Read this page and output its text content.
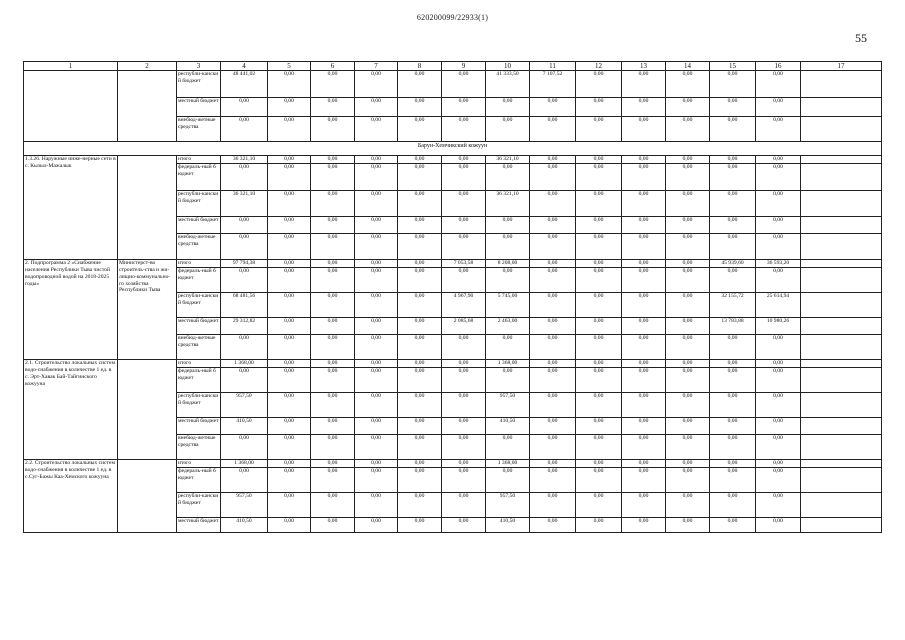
620200099/22933(1)
55
1	2	3	4	5	6	7	8	9	10	11	12	13	14	15	16	17
		республи-канский бюджет	48 441,02	0,00	0,00	0,00	0,00	0,00	41 333,50	7 107,52	0,00	0,00	0,00	0,00	0,00	
		местный бюджет	0,00	0,00	0,00	0,00	0,00	0,00	0,00	0,00	0,00	0,00	0,00	0,00	0,00	
		внебюд-жетные средства	0,00	0,00	0,00	0,00	0,00	0,00	0,00	0,00	0,00	0,00	0,00	0,00	0,00	
Барун-Хемчикский кожуун																
1.3.26. Наружные инже-нерные сети в с. Кызыл-Мажалык		итого	36 321,10	0,00	0,00	0,00	0,00	0,00	36 321,10	0,00	0,00	0,00	0,00	0,00	0,00	
		федераль-ный бюджет	0,00	0,00	0,00	0,00	0,00	0,00	0,00	0,00	0,00	0,00	0,00	0,00	0,00	
		республи-канский бюджет	36 321,10	0,00	0,00	0,00	0,00	0,00	36 321,10	0,00	0,00	0,00	0,00	0,00	0,00	
		местный бюджет	0,00	0,00	0,00	0,00	0,00	0,00	0,00	0,00	0,00	0,00	0,00	0,00	0,00	
		внебюд-жетные средства	0,00	0,00	0,00	0,00	0,00	0,00	0,00	0,00	0,00	0,00	0,00	0,00	0,00	
2. Подпрограмма 2 «Снабжение населения Республики Тыва чистой водопроводной водой на 2018-2025 годы»	Министерст-во строитель-ства и жи-лищно-коммунально-го хозяйства Республики Тыва	итого	97 794,38	0,00	0,00	0,00	0,00	7 053,58	8 208,00	0,00	0,00	0,00	0,00	45 939,60	36 593,20	
		федераль-ный бюджет	0,00	0,00	0,00	0,00	0,00	0,00	0,00	0,00	0,00	0,00	0,00	0,00	0,00	
		республи-канский бюджет	68 481,56	0,00	0,00	0,00	0,00	4 967,90	5 745,00	0,00	0,00	0,00	0,00	32 155,72	25 614,94	
		местный бюджет	29 312,82	0,00	0,00	0,00	0,00	2 085,68	2 463,00	0,00	0,00	0,00	0,00	13 783,88	10 980,26	
		внебюд-жетные средства	0,00	0,00	0,00	0,00	0,00	0,00	0,00	0,00	0,00	0,00	0,00	0,00	0,00	
2.1. Строительство локальных систем водо-снабжения в количестве 1 ед. в с. Эрт-Хавак Бай-Тайгинского кожууна		итого	1 368,00	0,00	0,00	0,00	0,00	0,00	1 368,00	0,00	0,00	0,00	0,00	0,00	0,00	
		федераль-ный бюджет	0,00	0,00	0,00	0,00	0,00	0,00	0,00	0,00	0,00	0,00	0,00	0,00	0,00	
		республи-канский бюджет	957,50	0,00	0,00	0,00	0,00	0,00	957,50	0,00	0,00	0,00	0,00	0,00	0,00	
		местный бюджет	410,50	0,00	0,00	0,00	0,00	0,00	410,50	0,00	0,00	0,00	0,00	0,00	0,00	
		внебюд-жетные средства	0,00	0,00	0,00	0,00	0,00	0,00	0,00	0,00	0,00	0,00	0,00	0,00	0,00	
2.2. Строительство локальных систем водо-снабжения в количестве 1 ед. в с.Суг-Бажы Каа-Хемского кожууна		итого	1 368,00	0,00	0,00	0,00	0,00	0,00	1 368,00	0,00	0,00	0,00	0,00	0,00	0,00	
		федераль-ный бюджет	0,00	0,00	0,00	0,00	0,00	0,00	0,00	0,00	0,00	0,00	0,00	0,00	0,00	
		республи-канский бюджет	957,50	0,00	0,00	0,00	0,00	0,00	957,50	0,00	0,00	0,00	0,00	0,00	0,00	
		местный бюджет	410,50	0,00	0,00	0,00	0,00	0,00	410,50	0,00	0,00	0,00	0,00	0,00	0,00	
